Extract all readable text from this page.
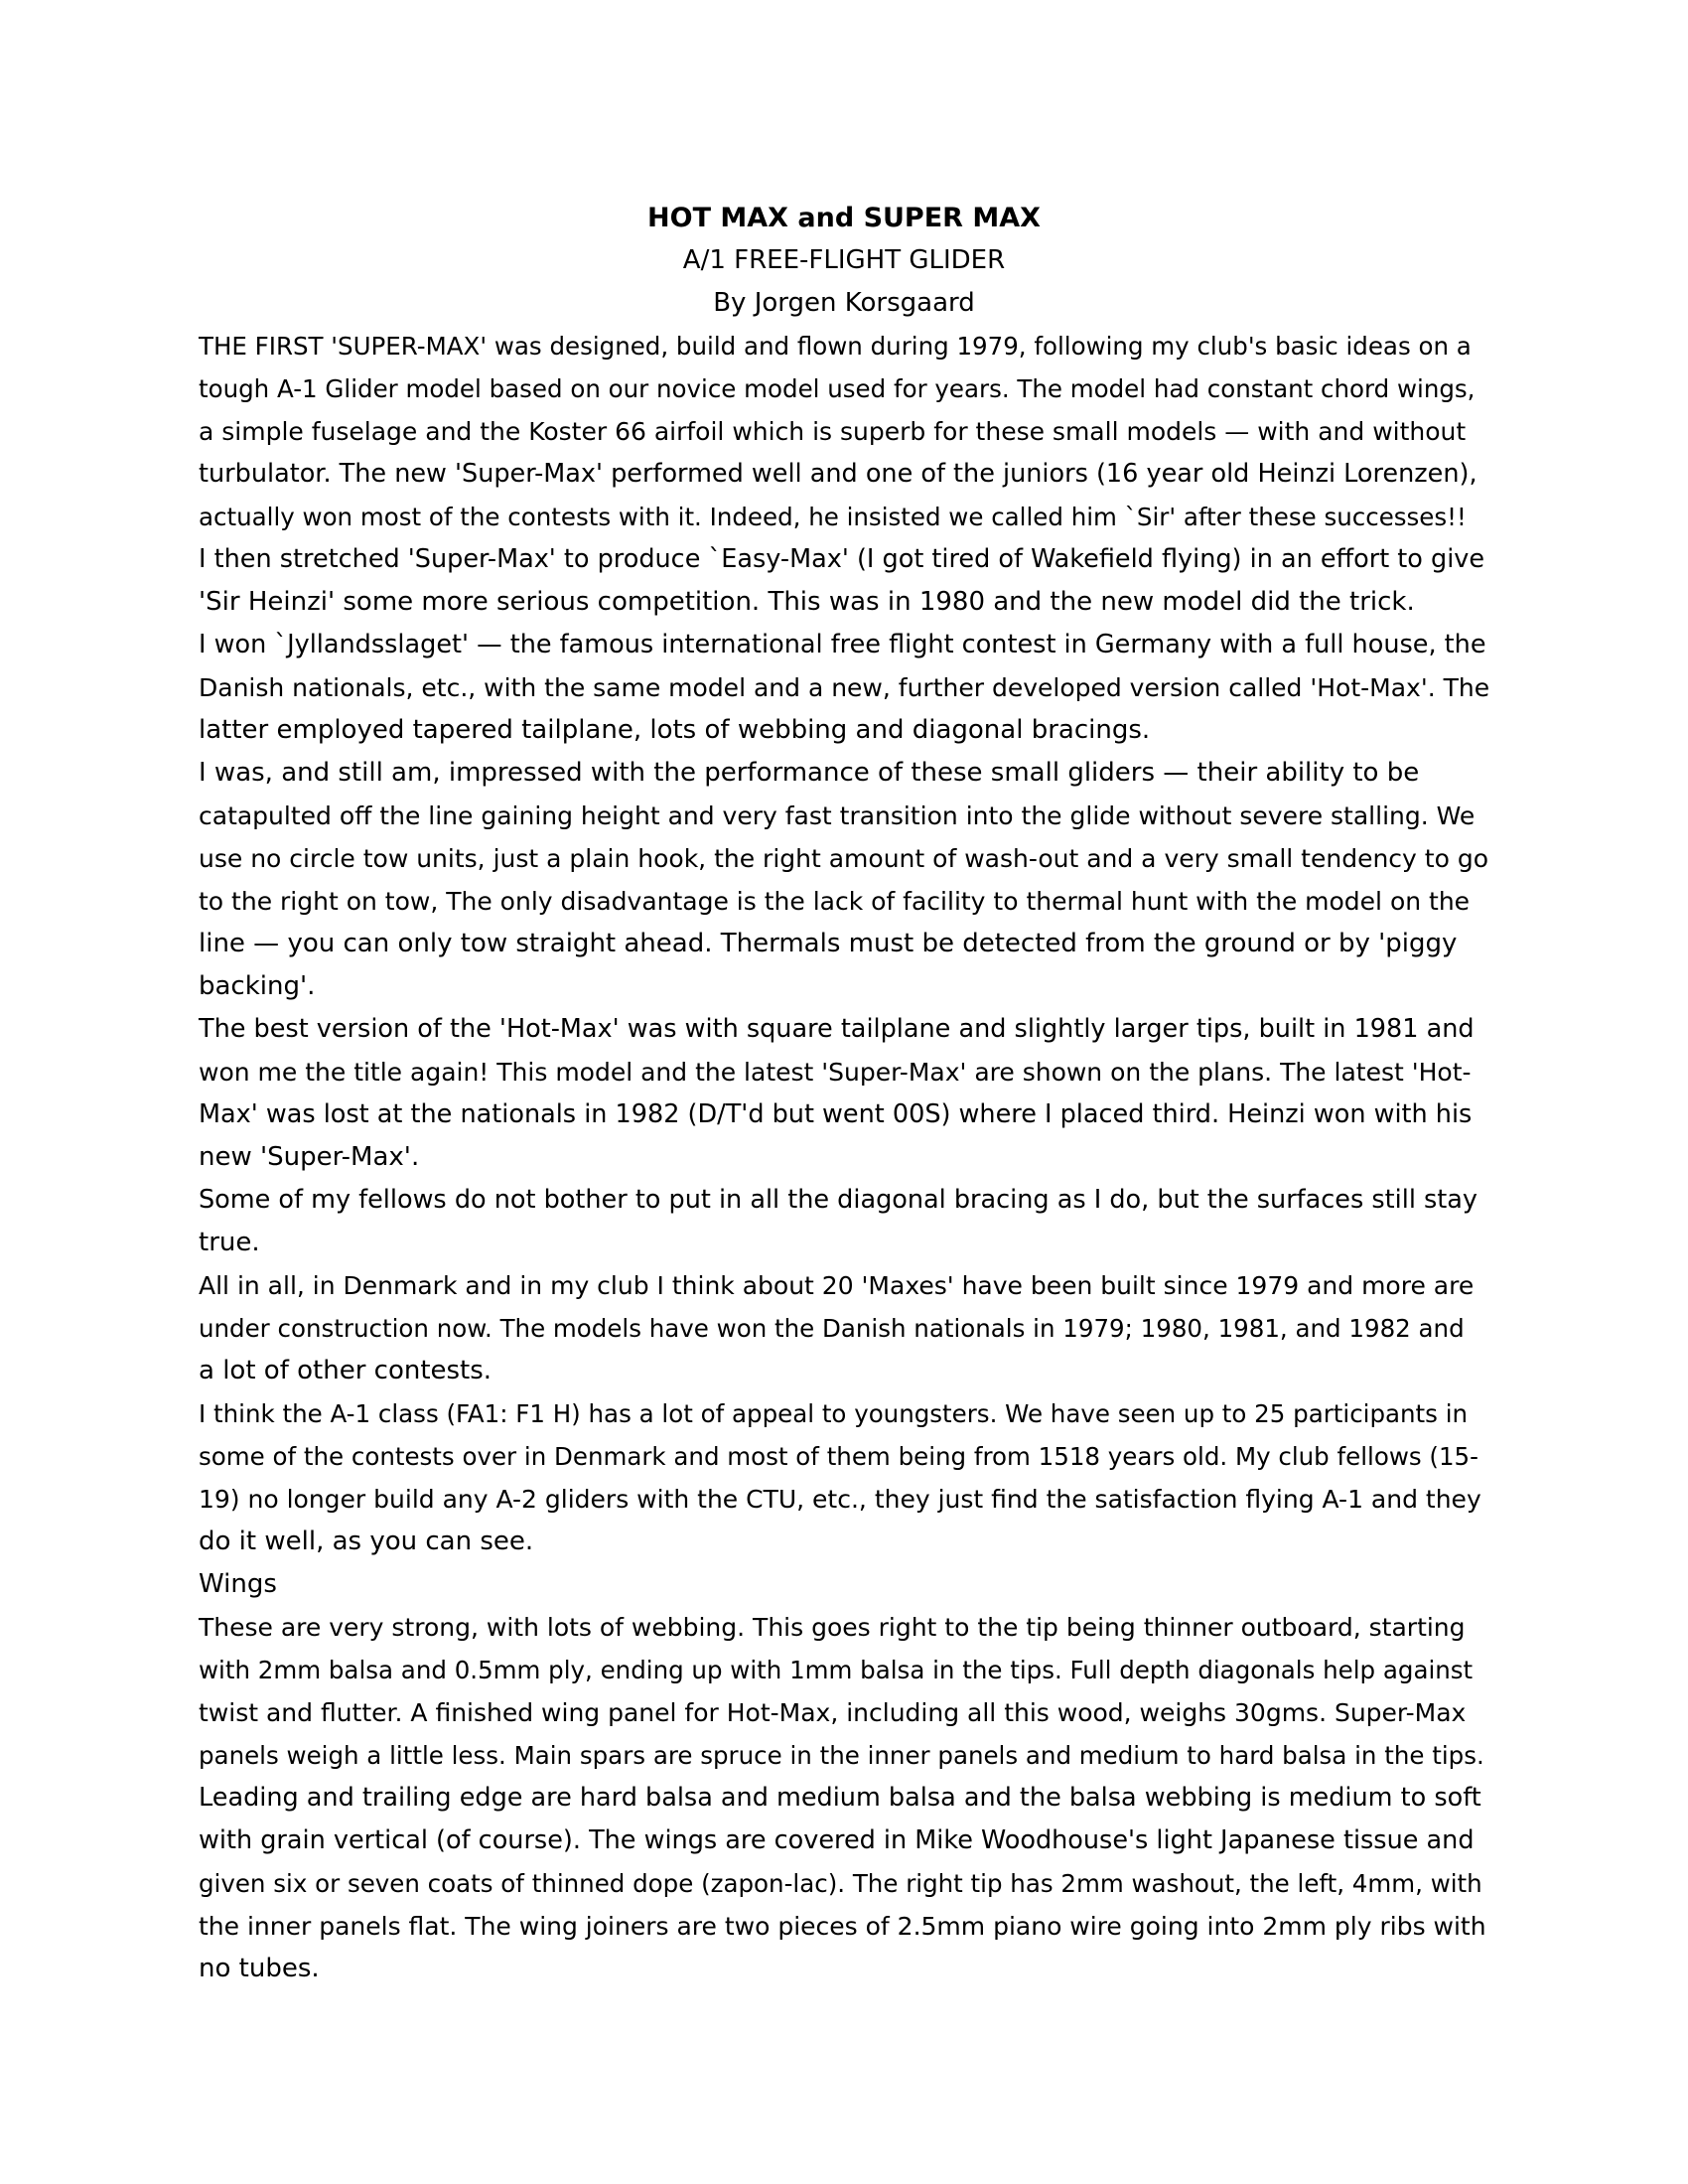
HOT MAX and SUPER MAX
A/1 FREE-FLIGHT GLIDER
By Jorgen Korsgaard
THE FIRST 'SUPER-MAX' was designed, build and flown during 1979, following my club's basic ideas on a
tough A-1 Glider model based on our novice model used for years. The model had constant chord wings,
a simple fuselage and the Koster 66 airfoil which is superb for these small models — with and without
turbulator. The new 'Super-Max' performed well and one of the juniors (16 year old Heinzi Lorenzen),
actually won most of the contests with it. Indeed, he insisted we called him `Sir' after these successes!!
I then stretched 'Super-Max' to produce `Easy-Max' (I got tired of Wakefield flying) in an effort to give
'Sir Heinzi' some more serious competition. This was in 1980 and the new model did the trick.
I won `Jyllandsslaget' — the famous international free flight contest in Germany with a full house, the
Danish nationals, etc., with the same model and a new, further developed version called 'Hot-Max'. The
latter employed tapered tailplane, lots of webbing and diagonal bracings.
I was, and still am, impressed with the performance of these small gliders — their ability to be
catapulted off the line gaining height and very fast transition into the glide without severe stalling. We
use no circle tow units, just a plain hook, the right amount of wash-out and a very small tendency to go
to the right on tow, The only disadvantage is the lack of facility to thermal hunt with the model on the
line — you can only tow straight ahead. Thermals must be detected from the ground or by 'piggy
backing'.
The best version of the 'Hot-Max' was with square tailplane and slightly larger tips, built in 1981 and
won me the title again! This model and the latest 'Super-Max' are shown on the plans. The latest 'Hot-
Max' was lost at the nationals in 1982 (D/T'd but went 00S) where I placed third. Heinzi won with his
new 'Super-Max'.
Some of my fellows do not bother to put in all the diagonal bracing as I do, but the surfaces still stay
true.
All in all, in Denmark and in my club I think about 20 'Maxes' have been built since 1979 and more are
under construction now. The models have won the Danish nationals in 1979; 1980, 1981, and 1982 and
a lot of other contests.
I think the A-1 class (FA1: F1 H) has a lot of appeal to youngsters. We have seen up to 25 participants in
some of the contests over in Denmark and most of them being from 1518 years old. My club fellows (15-
19) no longer build any A-2 gliders with the CTU, etc., they just find the satisfaction flying A-1 and they
do it well, as you can see.
Wings
These are very strong, with lots of webbing. This goes right to the tip being thinner outboard, starting
with 2mm balsa and 0.5mm ply, ending up with 1mm balsa in the tips. Full depth diagonals help against
twist and flutter. A finished wing panel for Hot-Max, including all this wood, weighs 30gms. Super-Max
panels weigh a little less. Main spars are spruce in the inner panels and medium to hard balsa in the tips.
Leading and trailing edge are hard balsa and medium balsa and the balsa webbing is medium to soft
with grain vertical (of course). The wings are covered in Mike Woodhouse's light Japanese tissue and
given six or seven coats of thinned dope (zapon-lac). The right tip has 2mm washout, the left, 4mm, with
the inner panels flat. The wing joiners are two pieces of 2.5mm piano wire going into 2mm ply ribs with
no tubes.
